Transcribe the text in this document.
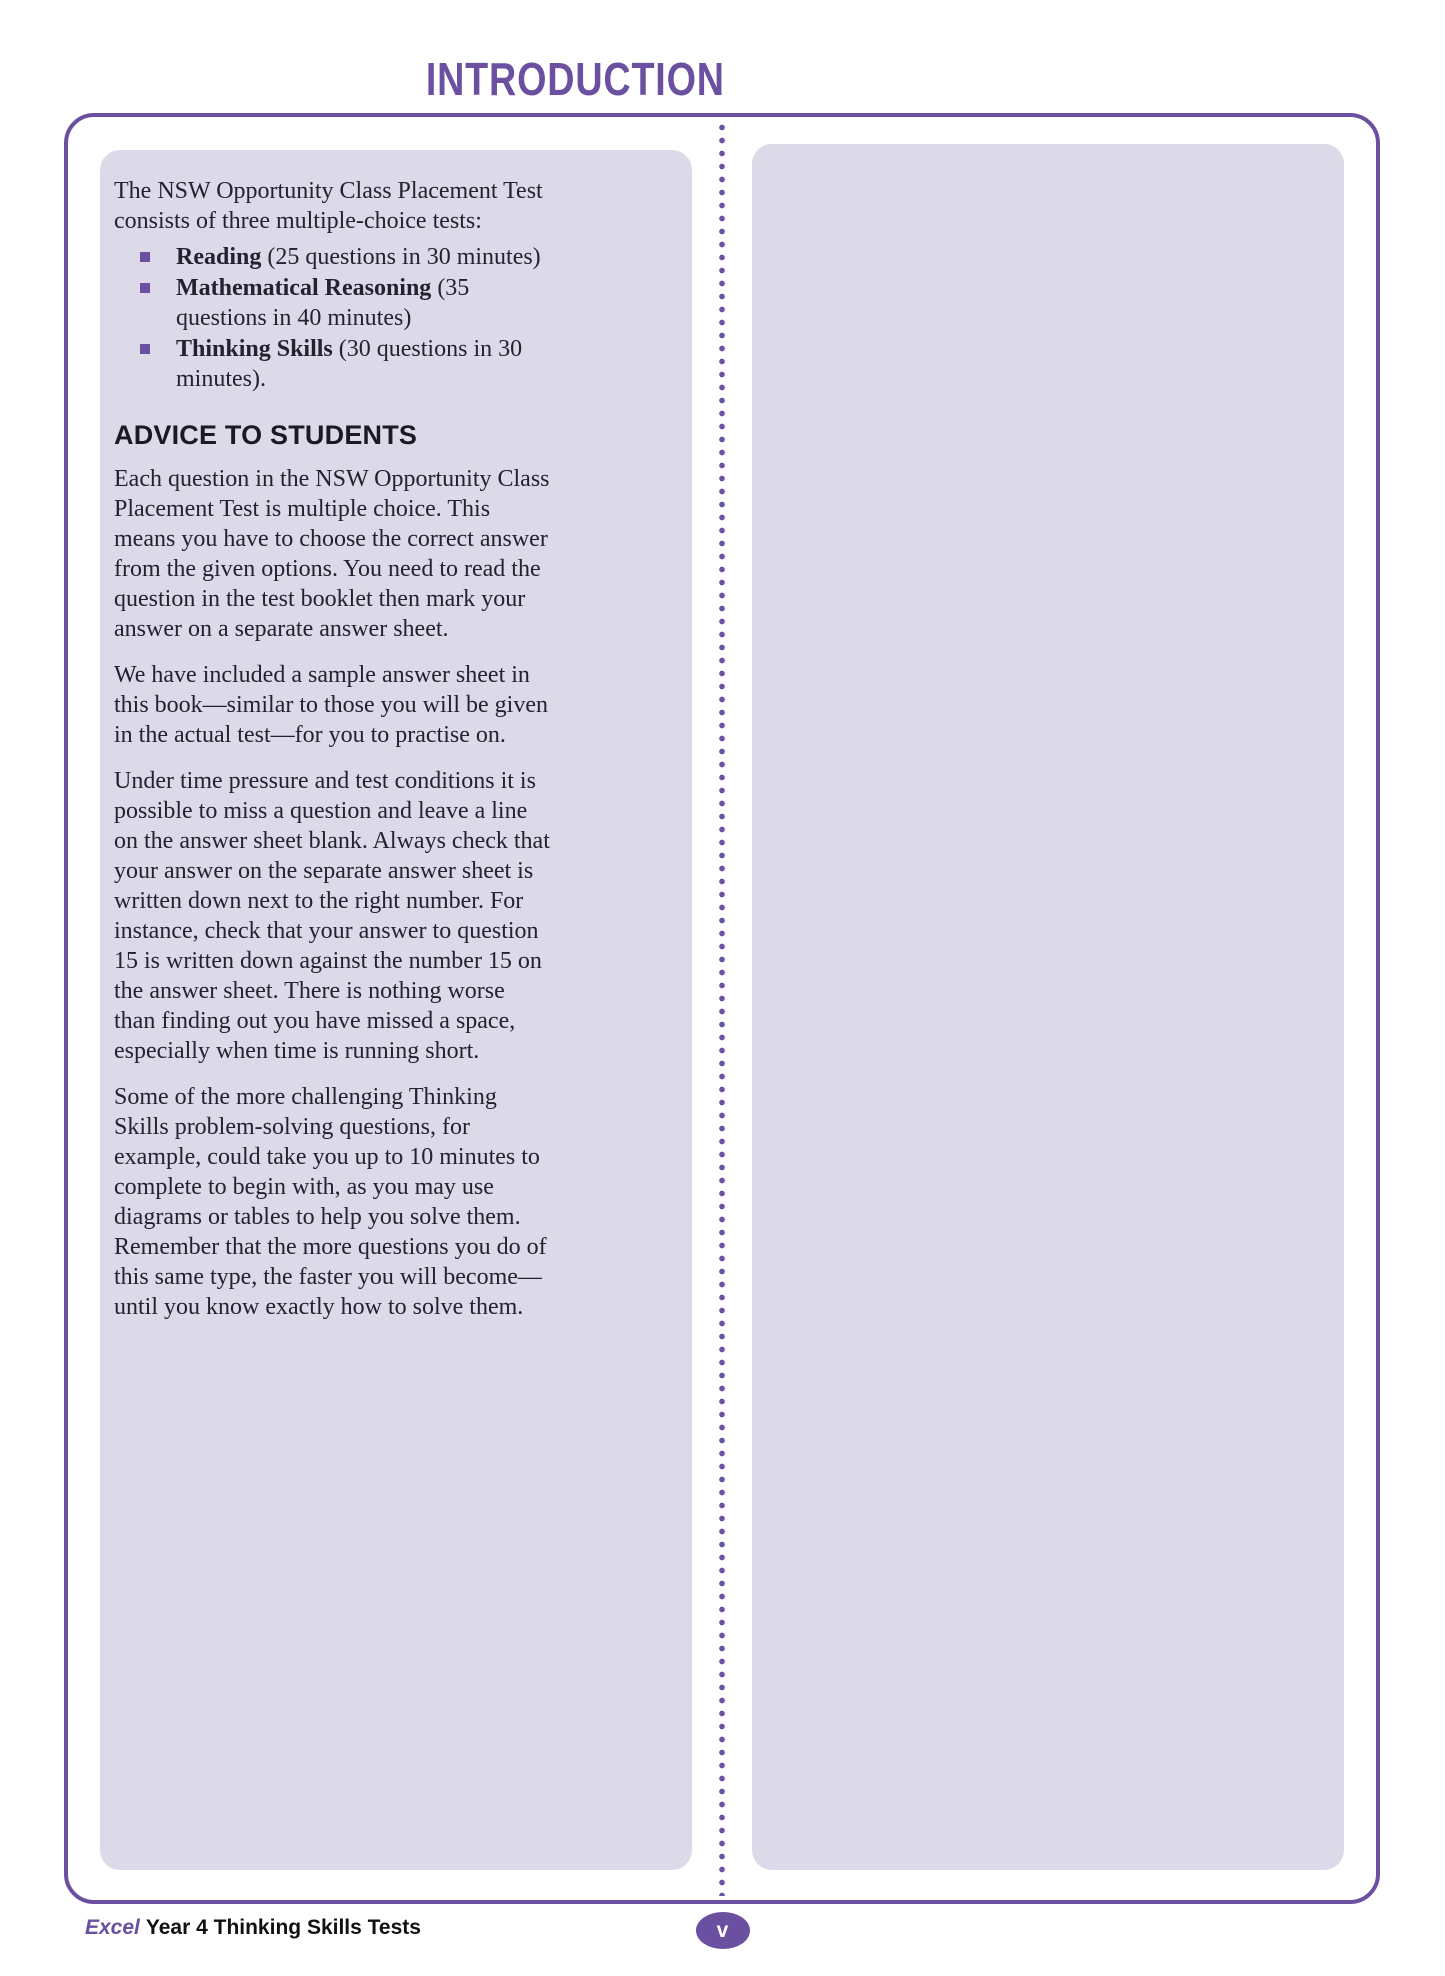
INTRODUCTION

The NSW Opportunity Class Placement Test consists of three multiple-choice tests:

Reading (25 questions in 30 minutes)
Mathematical Reasoning (35 questions in 40 minutes)
Thinking Skills (30 questions in 30 minutes).
ADVICE TO STUDENTS

Each question in the NSW Opportunity Class Placement Test is multiple choice. This means you have to choose the correct answer from the given options. You need to read the question in the test booklet then mark your answer on a separate answer sheet.

We have included a sample answer sheet in this book—similar to those you will be given in the actual test—for you to practise on.

Under time pressure and test conditions it is possible to miss a question and leave a line on the answer sheet blank. Always check that your answer on the separate answer sheet is written down next to the right number. For instance, check that your answer to question 15 is written down against the number 15 on the answer sheet. There is nothing worse than finding out you have missed a space, especially when time is running short.

Some of the more challenging Thinking Skills problem-solving questions, for example, could take you up to 10 minutes to complete to begin with, as you may use diagrams or tables to help you solve them. Remember that the more questions you do of this same type, the faster you will become—until you know exactly how to solve them.

Excel Year 4 Thinking Skills Tests	v
